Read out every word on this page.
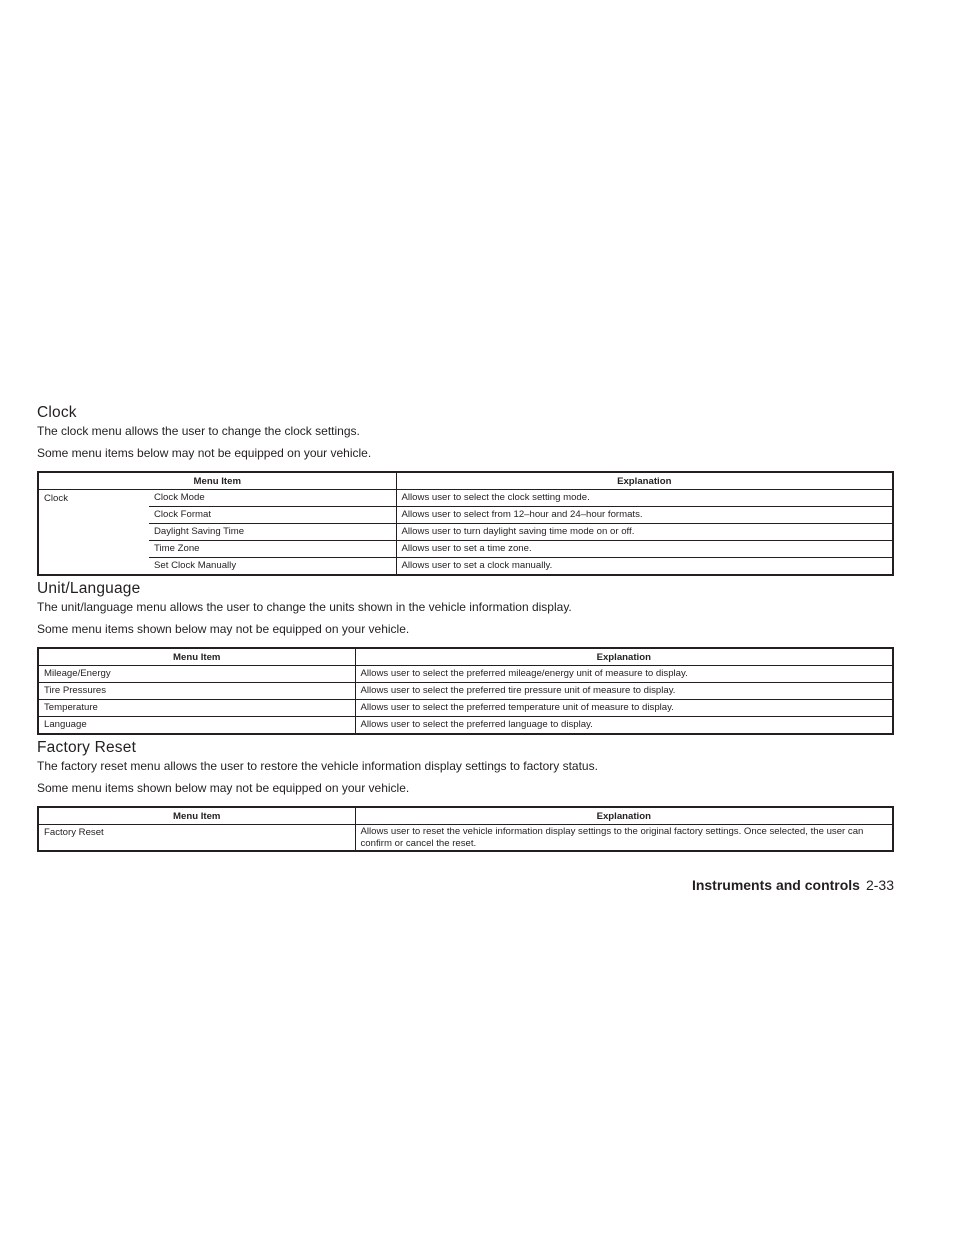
Clock

The clock menu allows the user to change the clock settings.

Some menu items below may not be equipped on your vehicle.

Menu Item		Explanation
Clock	Clock Mode	Allows user to select the clock setting mode.
	Clock Format	Allows user to select from 12–hour and 24–hour formats.
	Daylight Saving Time	Allows user to turn daylight saving time mode on or off.
	Time Zone	Allows user to set a time zone.
	Set Clock Manually	Allows user to set a clock manually.
Unit/Language

The unit/language menu allows the user to change the units shown in the vehicle information display.

Some menu items shown below may not be equipped on your vehicle.

Menu Item	Explanation
Mileage/Energy	Allows user to select the preferred mileage/energy unit of measure to display.
Tire Pressures	Allows user to select the preferred tire pressure unit of measure to display.
Temperature	Allows user to select the preferred temperature unit of measure to display.
Language	Allows user to select the preferred language to display.
Factory Reset

The factory reset menu allows the user to restore the vehicle information display settings to factory status.

Some menu items shown below may not be equipped on your vehicle.

Menu Item	Explanation
Factory Reset	Allows user to reset the vehicle information display settings to the original factory settings. Once selected, the user can confirm or cancel the reset.
Instruments and controls 2-33
